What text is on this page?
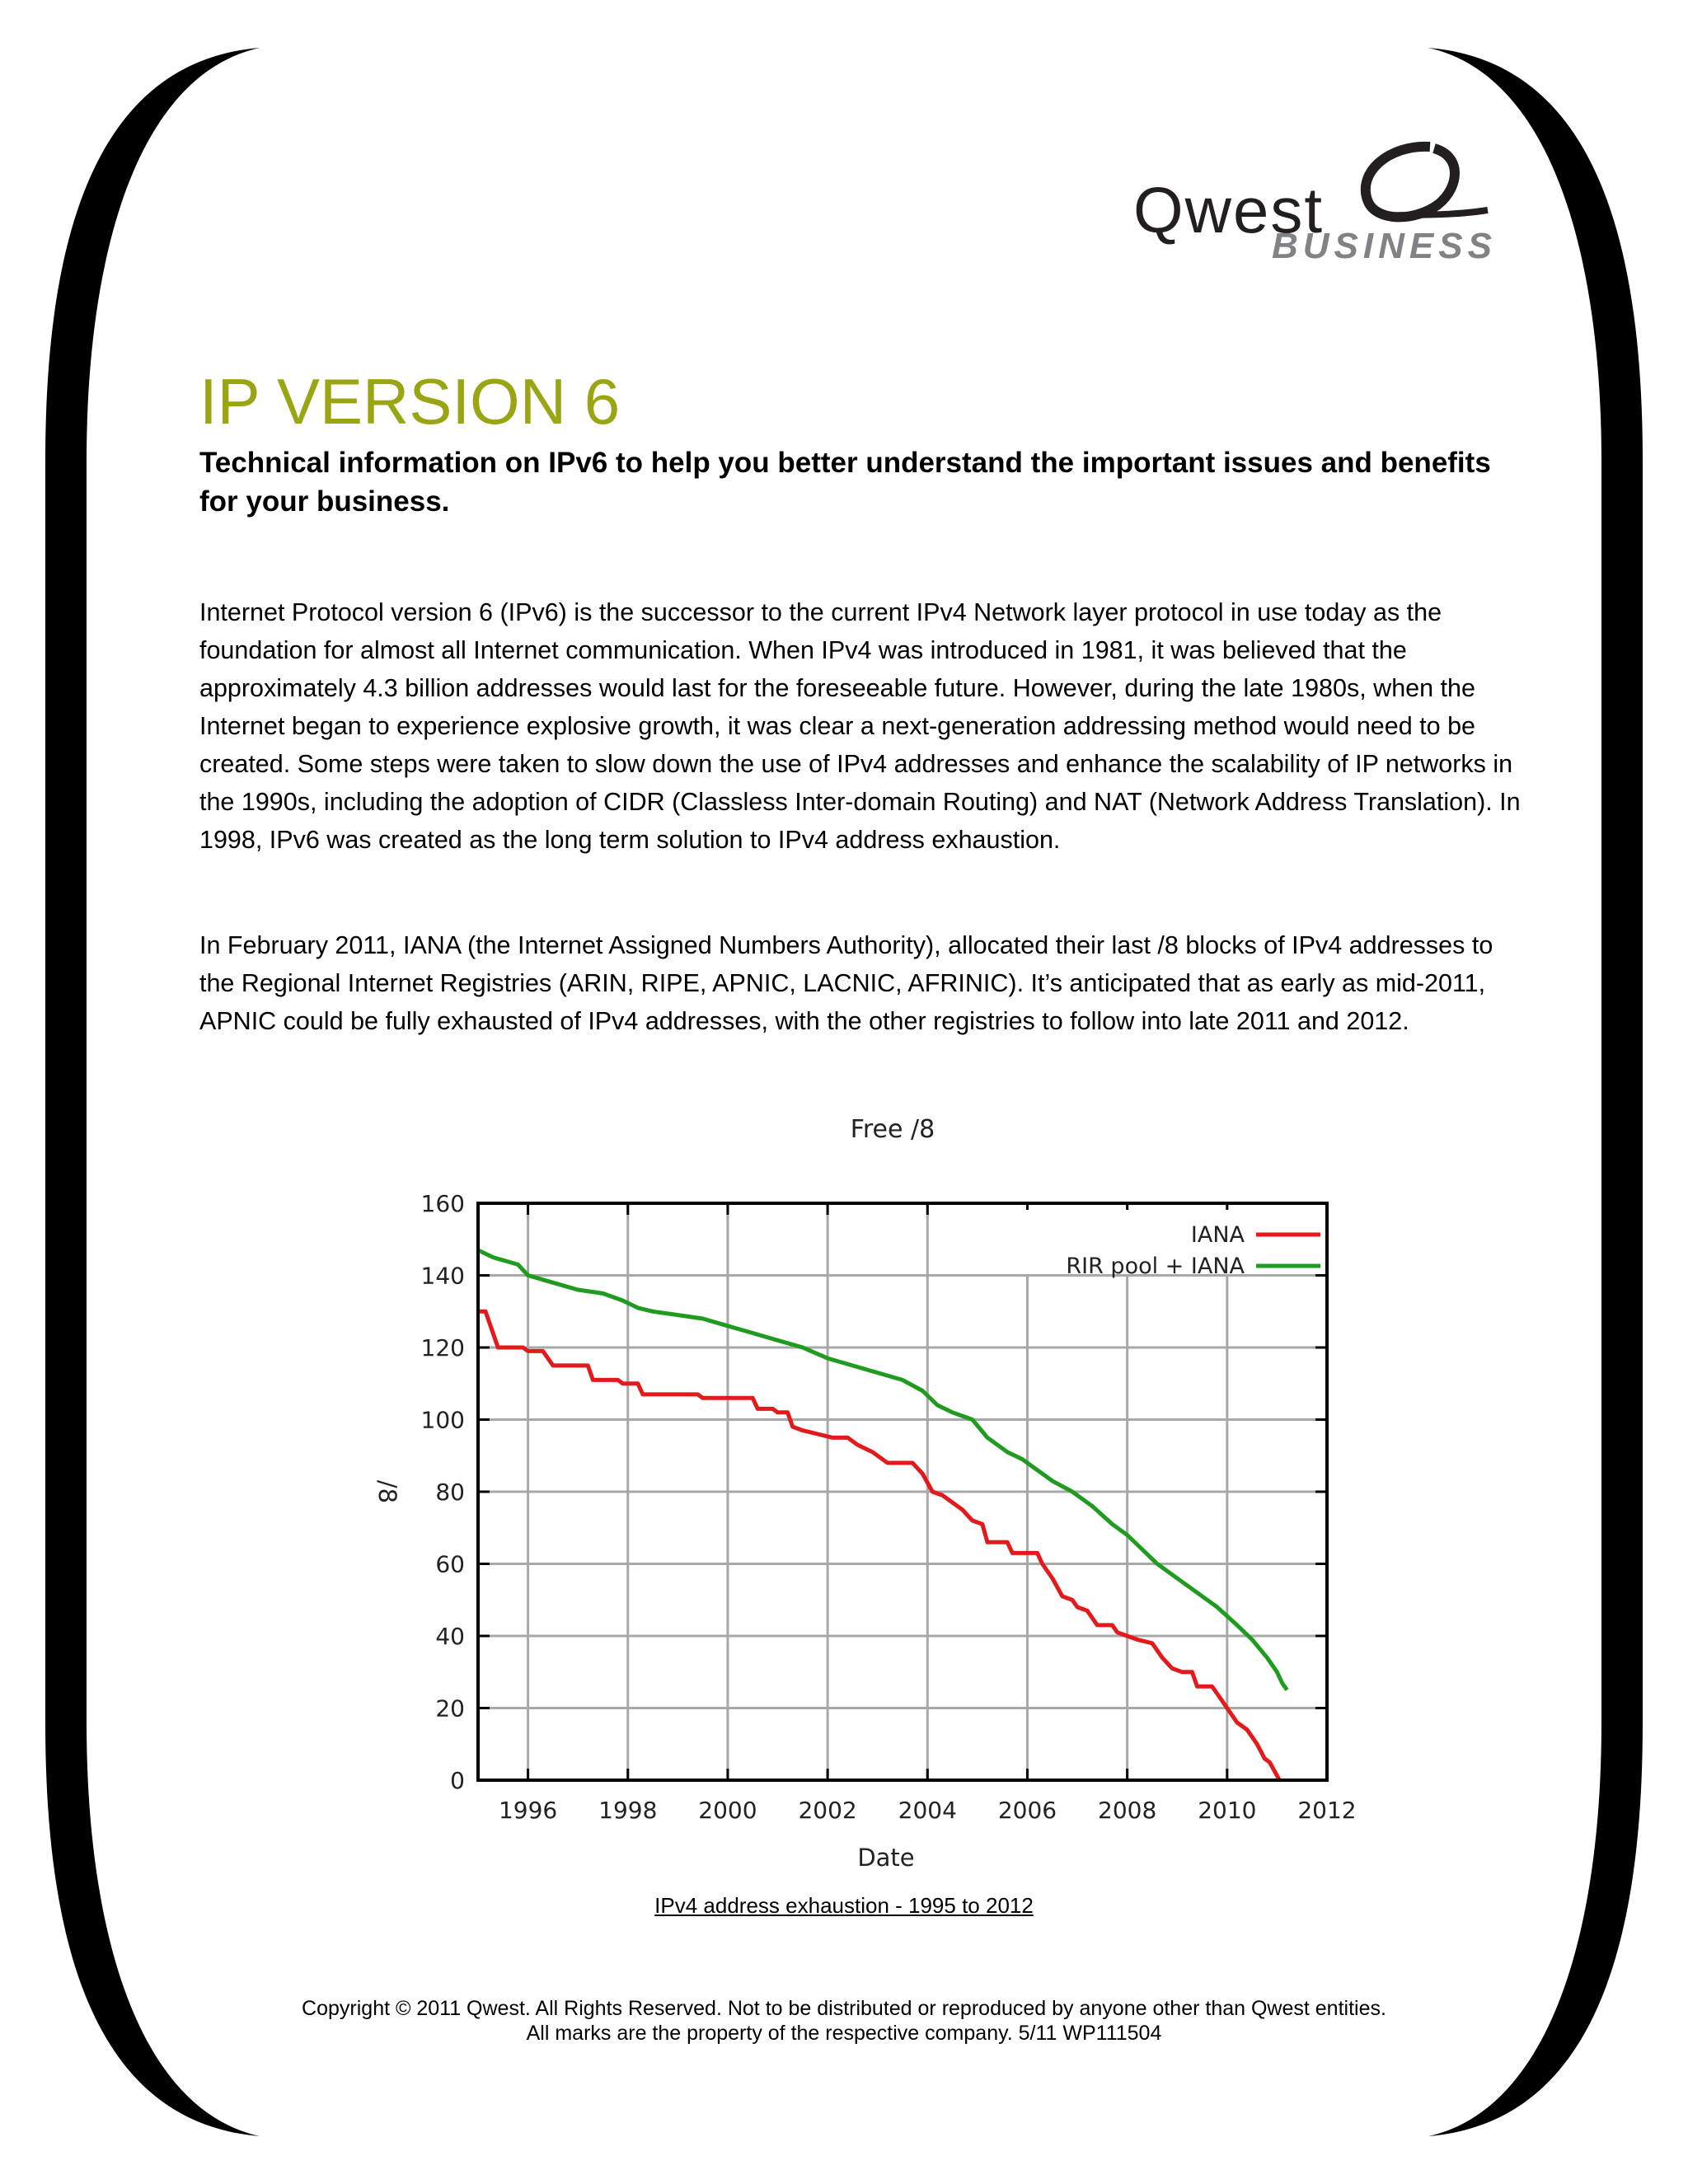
Qwest
BUSINESS
IP VERSION 6

Technical information on IPv6 to help you better understand the important issues and benefits for your business.

Internet Protocol version 6 (IPv6) is the successor to the current IPv4 Network layer protocol in use today as the foundation for almost all Internet communication. When IPv4 was introduced in 1981, it was believed that the approximately 4.3 billion addresses would last for the foreseeable future. However, during the late 1980s, when the Internet began to experience explosive growth, it was clear a next-generation addressing method would need to be created. Some steps were taken to slow down the use of IPv4 addresses and enhance the scalability of IP networks in the 1990s, including the adoption of CIDR (Classless Inter-domain Routing) and NAT (Network Address Translation). In 1998, IPv6 was created as the long term solution to IPv4 address exhaustion.

In February 2011, IANA (the Internet Assigned Numbers Authority), allocated their last /8 blocks of IPv4 addresses to the Regional Internet Registries (ARIN, RIPE, APNIC, LACNIC, AFRINIC). It’s anticipated that as early as mid-2011, APNIC could be fully exhausted of IPv4 addresses, with the other registries to follow into late 2011 and 2012.

Free /8
1996 1998 2000 2002 2004 2006 2008 2010 2012
0
20
40
60
80
100
120
140
160
Date
/8
IANA
RIR pool + IANA
IPv4 address exhaustion - 1995 to 2012
Copyright © 2011 Qwest. All Rights Reserved. Not to be distributed or reproduced by anyone other than Qwest entities.
All marks are the property of the respective company. 5/11 WP111504
